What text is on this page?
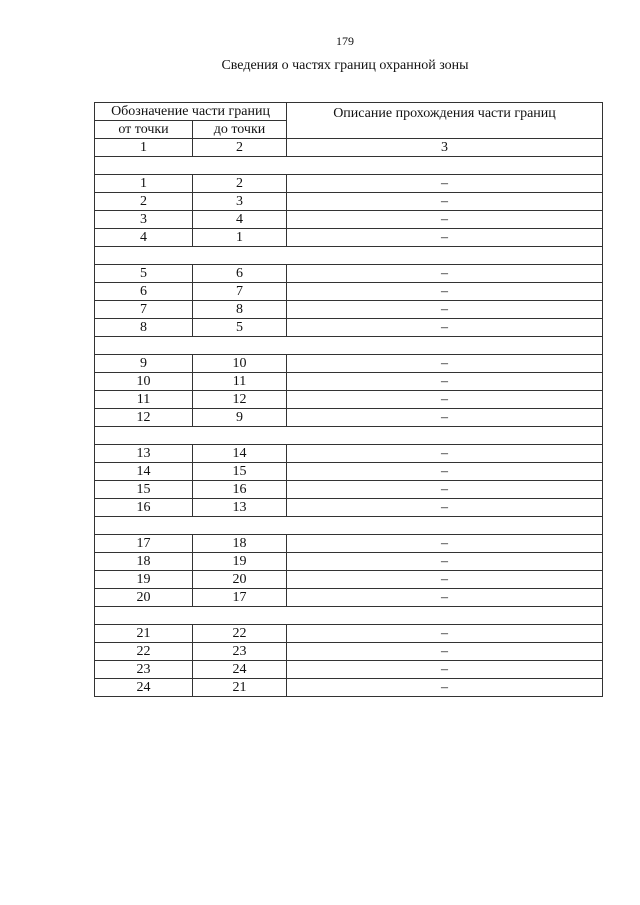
179
Сведения о частях границ охранной зоны
Обозначение части границ		Описание прохождения части границ
от точки	до точки	
1	2	3

1	2	–
2	3	–
3	4	–
4	1	–

5	6	–
6	7	–
7	8	–
8	5	–

9	10	–
10	11	–
11	12	–
12	9	–

13	14	–
14	15	–
15	16	–
16	13	–

17	18	–
18	19	–
19	20	–
20	17	–

21	22	–
22	23	–
23	24	–
24	21	–
